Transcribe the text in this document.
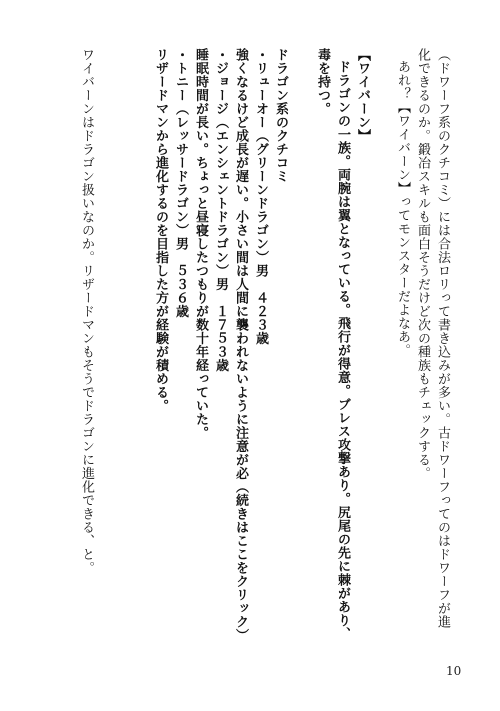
（ドワーフ系のクチコミ）には合法ロリって書き込みが多い。古ドワーフってのはドワーフが進
化できるのか。鍛冶スキルも面白そうだけど次の種族もチェックする。
あれ？【ワイバーン】ってモンスターだよなあ。
【ワイバーン】
ドラゴンの一族。両腕は翼となっている。飛行が得意。ブレス攻撃あり。尻尾の先に棘があり、
毒を持つ。
ドラゴン系のクチコミ
・リューオー（グリーンドラゴン）男　４２３歳
強くなるけど成長が遅い。小さい間は人間に襲われないように注意が必（続きはここをクリック）
・ジョージ（エンシェントドラゴン）男　１７５３歳
睡眠時間が長い。ちょっと昼寝したつもりが数十年経っていた。
・トニー（レッサードラゴン）男　５３６歳
リザードマンから進化するのを目指した方が経験が積める。
ワイバーンはドラゴン扱いなのか。リザードマンもそうでドラゴンに進化できる、と。
10
